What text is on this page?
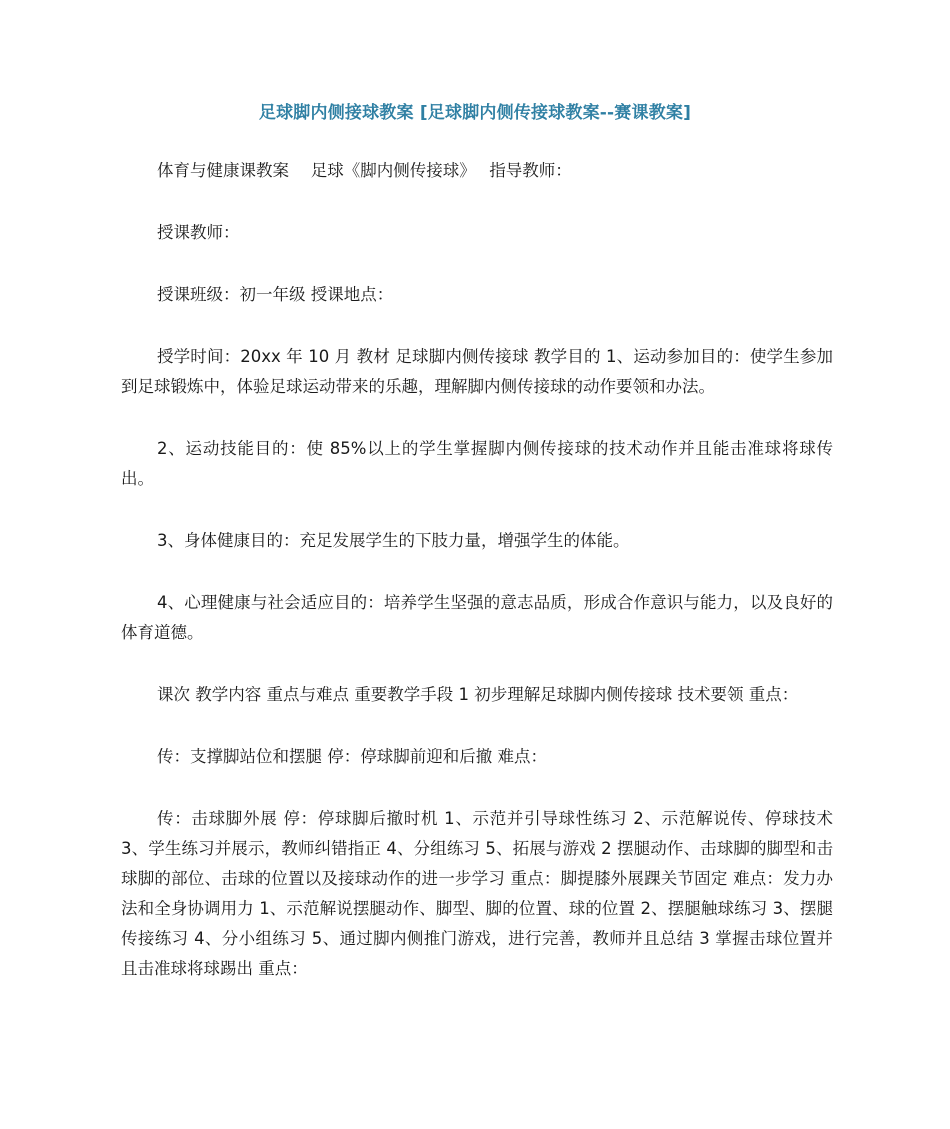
足球脚内侧接球教案 [足球脚内侧传接球教案--赛课教案]

体育与健康课教案　 足球《脚内侧传接球》　 指导教师：

授课教师：

授课班级：初一年级 授课地点：

授学时间：20xx 年 10 月 教材 足球脚内侧传接球 教学目的 1、运动参加目的：使学生参加到足球锻炼中，体验足球运动带来的乐趣，理解脚内侧传接球的动作要领和办法。

2、运动技能目的：使 85%以上的学生掌握脚内侧传接球的技术动作并且能击准球将球传出。

3、身体健康目的：充足发展学生的下肢力量，增强学生的体能。

4、心理健康与社会适应目的：培养学生坚强的意志品质，形成合作意识与能力，以及良好的体育道德。

课次 教学内容 重点与难点 重要教学手段 1 初步理解足球脚内侧传接球 技术要领 重点：

传：支撑脚站位和摆腿 停：停球脚前迎和后撤 难点：

传：击球脚外展 停：停球脚后撤时机 1、示范并引导球性练习 2、示范解说传、停球技术 3、学生练习并展示，教师纠错指正 4、分组练习 5、拓展与游戏 2 摆腿动作、击球脚的脚型和击球脚的部位、击球的位置以及接球动作的进一步学习 重点：脚提膝外展踝关节固定 难点：发力办法和全身协调用力 1、示范解说摆腿动作、脚型、脚的位置、球的位置 2、摆腿触球练习 3、摆腿传接练习 4、分小组练习 5、通过脚内侧推门游戏，进行完善，教师并且总结 3 掌握击球位置并且击准球将球踢出 重点：
